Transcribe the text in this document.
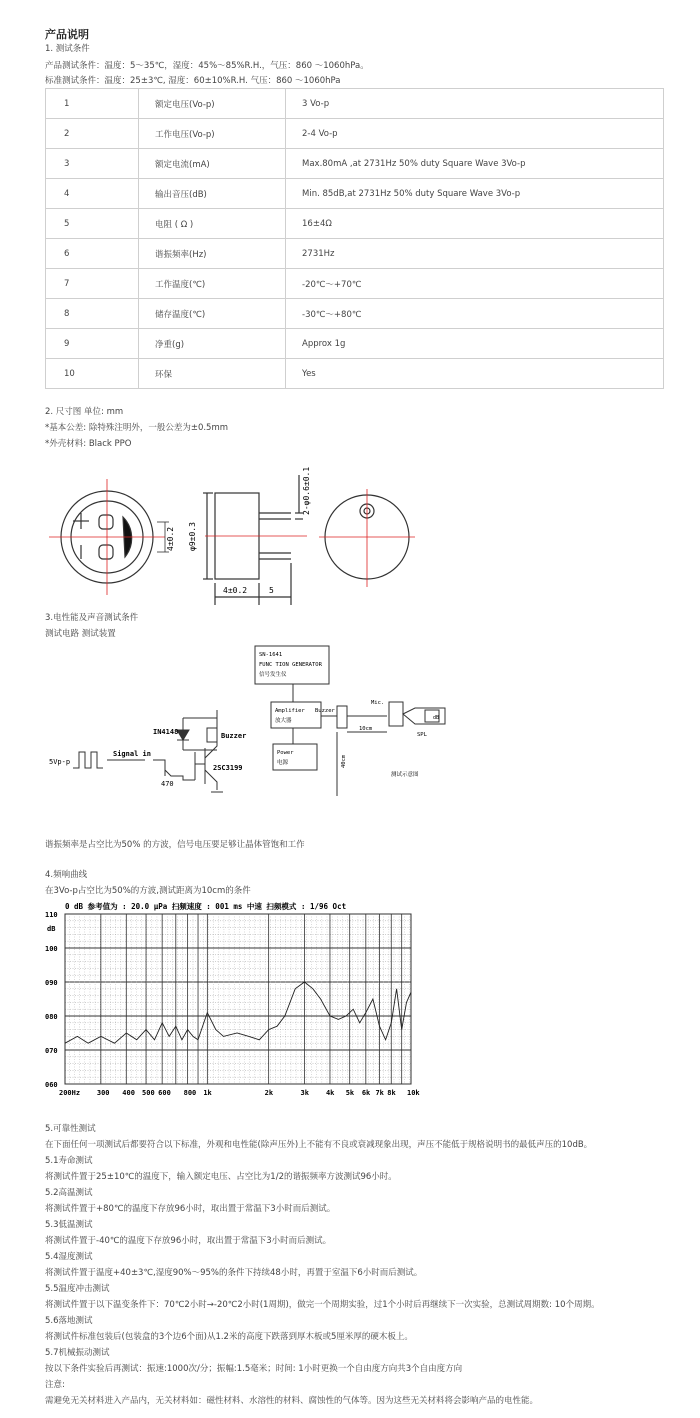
产品说明
1. 测试条件
产品测试条件：温度：5～35℃，湿度：45%～85%R.H.，气压：860 ～1060hPa。
标准测试条件：温度：25±3℃, 湿度：60±10%R.H. 气压：860 ～1060hPa
1	额定电压(Vo-p)	3 Vo-p
2	工作电压(Vo-p)	2-4 Vo-p
3	额定电流(mA)	Max.80mA ,at 2731Hz 50% duty Square Wave 3Vo-p
4	输出音压(dB)	Min. 85dB,at 2731Hz 50% duty Square Wave 3Vo-p
5	电阻 ( Ω )	16±4Ω
6	谐振频率(Hz)	2731Hz
7	工作温度(℃)	-20℃～+70℃
8	储存温度(℃)	-30℃～+80℃
9	净重(g)	Approx 1g
10	环保	Yes
2. 尺寸图 单位: mm
*基本公差: 除特殊注明外，一般公差为±0.5mm
*外壳材料: Black PPO
4±0.2 φ9±0.3
2-φ0.6±0.1
4±0.2	5
3.电性能及声音测试条件
测试电路 测试装置
5Vp-p
Signal in
IN4148	Buzzer
470
2SC3199
SN-1641
FUNC TION GENERATOR
信号发生仪
Amplifier
放大器
Power
电源
Buzzer
Mic.
10cm
SPL
dB
40cm
测试示意图
谐振频率是占空比为50% 的方波，信号电压要足够让晶体管饱和工作
4.频响曲线
在3Vo-p占空比为50%的方波,测试距离为10cm的条件
0 dB 参考值为 : 20.0 μPa 扫频速度 : 001 ms 中速 扫频模式 : 1/96 Oct
dB
110
100
090
080
070
060
200Hz 300 400 500 600 800 1k	2k	3k 4k 5k 6k 7k 8k 10k
5.可靠性测试
在下面任何一项测试后都要符合以下标准，外观和电性能(除声压外)上不能有不良或衰减现象出现，声压不能低于规格说明书的最低声压的10dB。
5.1寿命测试
将测试件置于25±10℃的温度下，输入额定电压、占空比为1/2的谐振频率方波测试96小时。
5.2高温测试
将测试件置于+80℃的温度下存放96小时，取出置于常温下3小时而后测试。
5.3低温测试
将测试件置于-40℃的温度下存放96小时，取出置于常温下3小时而后测试。
5.4湿度测试
将测试件置于温度+40±3℃,湿度90%～95%的条件下持续48小时，再置于室温下6小时而后测试。
5.5温度冲击测试
将测试件置于以下温变条件下：70℃2小时→-20℃2小时(1周期)，做完一个周期实验，过1个小时后再继续下一次实验，总测试周期数: 10个周期。
5.6落地测试
将测试件标准包装后(包装盒的3个边6个面)从1.2米的高度下跌落到厚木板或5厘米厚的硬木板上。
5.7机械振动测试
按以下条件实验后再测试：振速:1000次/分；振幅:1.5毫米；时间: 1小时更换一个自由度方向共3个自由度方向
注意:
需避免无关材料进入产品内，无关材料如：磁性材料、水溶性的材料、腐蚀性的气体等。因为这些无关材料将会影响产品的电性能。
